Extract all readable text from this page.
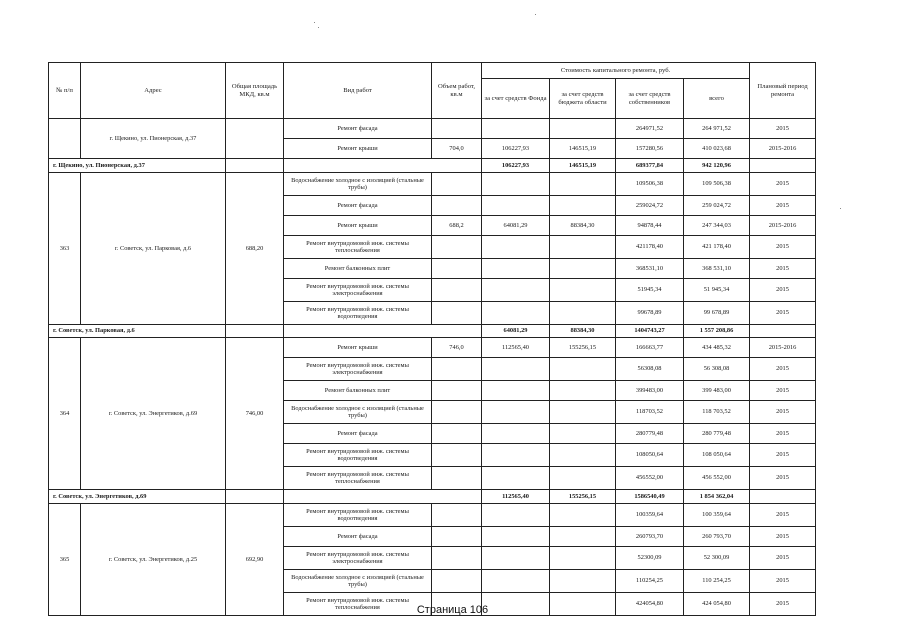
№ п/п	Адрес	Общая площадь МКД, кв.м	Вид работ	Объем работ, кв.м	Стоимость капитального ремонта, руб.				Плановый период ремонта
					за счет средств Фонда	за счет средств бюджета области	за счет средств собственников	всего	
	г. Щекино, ул. Пионерская, д.37		Ремонт фасада				264971,52	264 971,52	2015
			Ремонт крыши	704,0	106227,93	146515,19	157280,56	410 023,68	2015-2016
г. Щекино, ул. Пионерская, д.37					106227,93	146515,19	689377,84	942 120,96	
363	г. Советск, ул. Парковая, д.6	688,20	Водоснабжение холодное с изоляцией (стальные трубы)				109506,38	109 506,38	2015
			Ремонт фасада				259024,72	259 024,72	2015
			Ремонт крыши	688,2	64081,29	88384,30	94878,44	247 344,03	2015-2016
			Ремонт внутридомовой инж. системы теплоснабжения				421178,40	421 178,40	2015
			Ремонт балконных плит				368531,10	368 531,10	2015
			Ремонт внутридомовой инж. системы электроснабжения				51945,34	51 945,34	2015
			Ремонт внутридомовой инж. системы водоотведения				99678,89	99 678,89	2015
г. Советск, ул. Парковая, д.6					64081,29	88384,30	1404743,27	1 557 208,86	
364	г. Советск, ул. Энергетиков, д.69	746,00	Ремонт крыши	746,0	112565,40	155256,15	166663,77	434 485,32	2015-2016
			Ремонт внутридомовой инж. системы электроснабжения				56308,08	56 308,08	2015
			Ремонт балконных плит				399483,00	399 483,00	2015
			Водоснабжение холодное с изоляцией (стальные трубы)				118703,52	118 703,52	2015
			Ремонт фасада				280779,48	280 779,48	2015
			Ремонт внутридомовой инж. системы водоотведения				108050,64	108 050,64	2015
			Ремонт внутридомовой инж. системы теплоснабжения				456552,00	456 552,00	2015
г. Советск, ул. Энергетиков, д.69					112565,40	155256,15	1586540,49	1 854 362,04	
365	г. Советск, ул. Энергетиков, д.25	692,90	Ремонт внутридомовой инж. системы водоотведения				100359,64	100 359,64	2015
			Ремонт фасада				260793,70	260 793,70	2015
			Ремонт внутридомовой инж. системы электроснабжения				52300,09	52 300,09	2015
			Водоснабжение холодное с изоляцией (стальные трубы)				110254,25	110 254,25	2015
			Ремонт внутридомовой инж. системы теплоснабжения				424054,80	424 054,80	2015
Страница 106
